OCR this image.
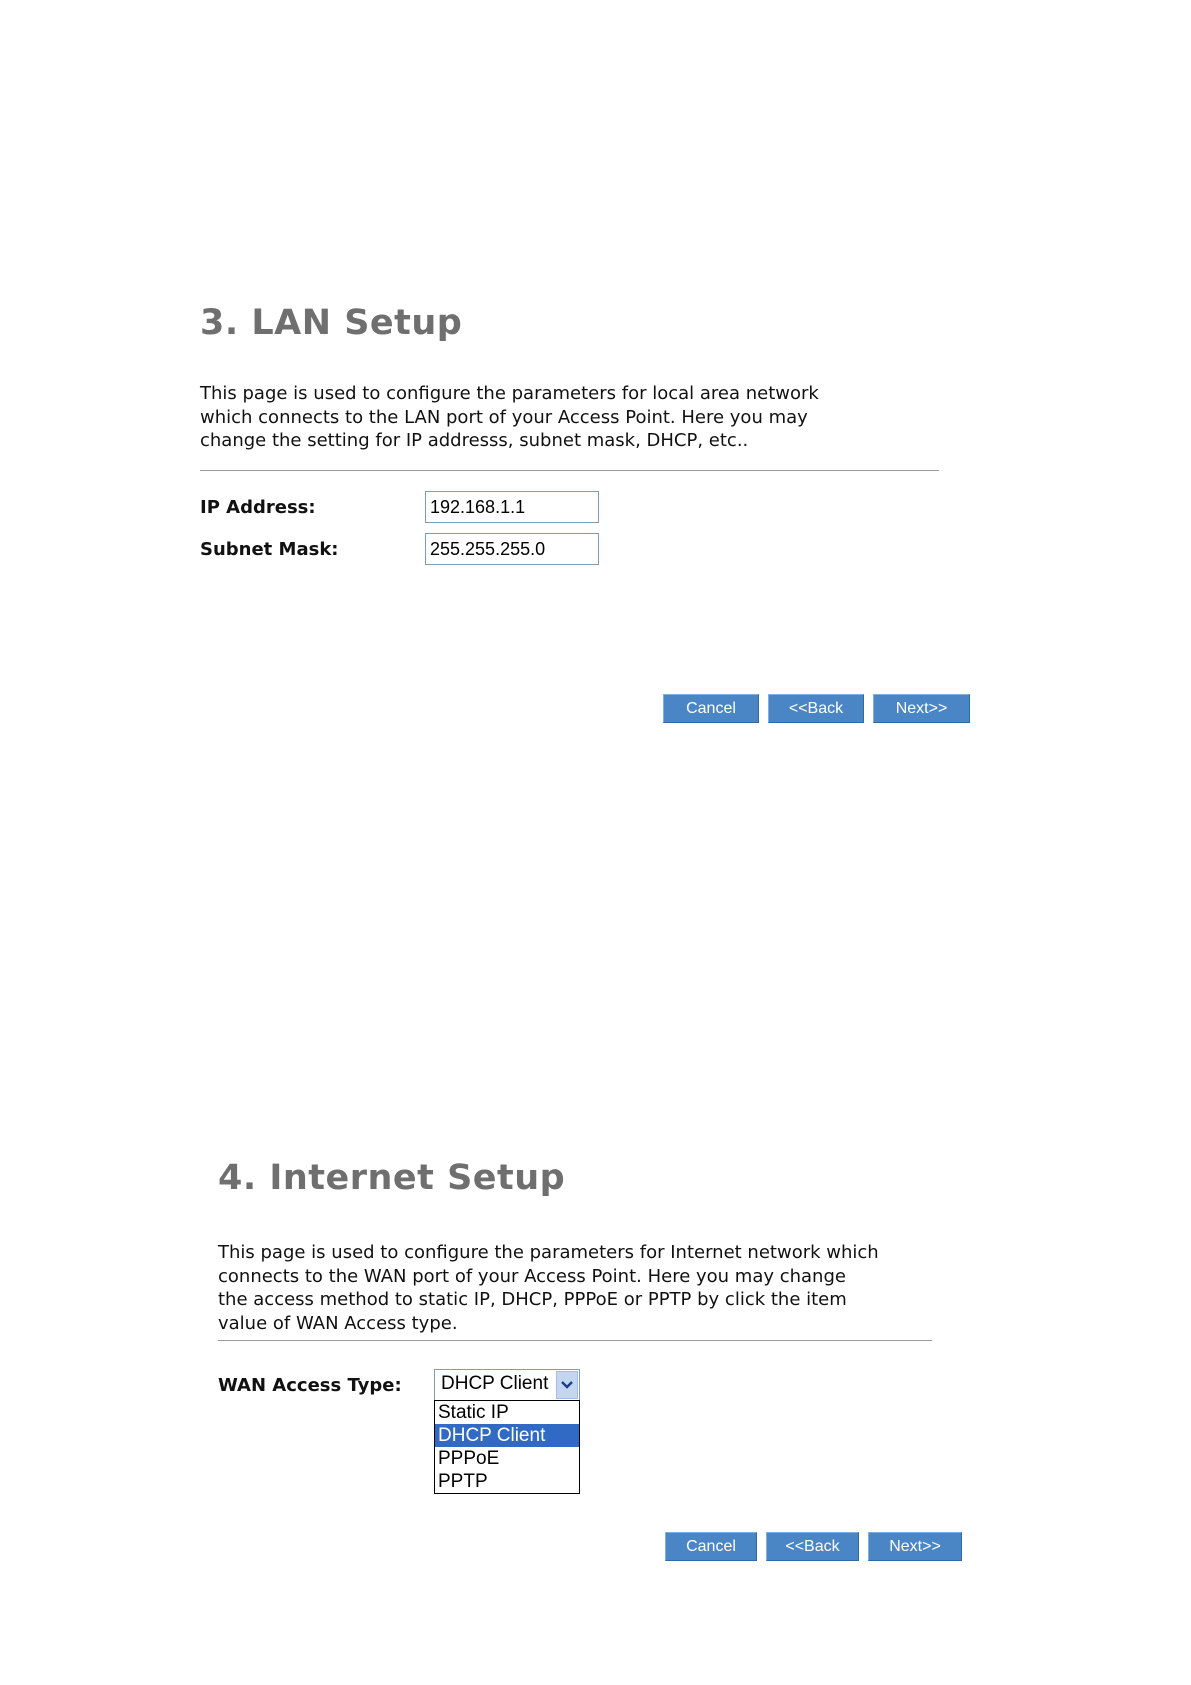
3. LAN Setup
This page is used to configure the parameters for local area network
which connects to the LAN port of your Access Point. Here you may
change the setting for IP addresss, subnet mask, DHCP, etc..
IP Address:
192.168.1.1
Subnet Mask:
255.255.255.0
Cancel	<<Back	Next>>
4. Internet Setup
This page is used to configure the parameters for Internet network which
connects to the WAN port of your Access Point. Here you may change
the access method to static IP, DHCP, PPPoE or PPTP by click the item
value of WAN Access type.
WAN Access Type: DHCP Client
Static IP
DHCP Client
PPPoE
PPTP
Cancel	<<Back	Next>>
